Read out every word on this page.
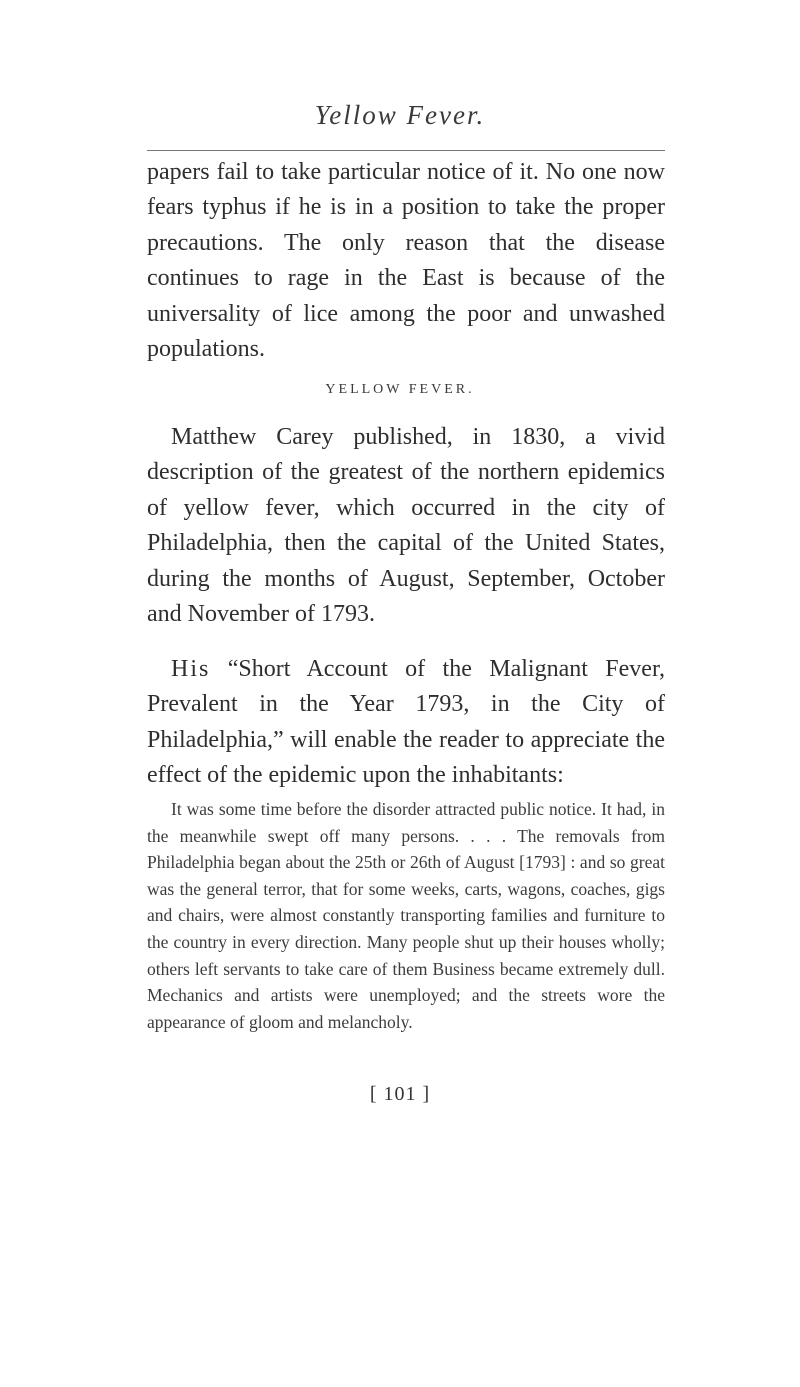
Yellow Fever.
papers fail to take particular notice of it. No one now fears typhus if he is in a position to take the proper precautions. The only reason that the disease continues to rage in the East is because of the universality of lice among the poor and unwashed populations.
YELLOW FEVER.
Matthew Carey published, in 1830, a vivid description of the greatest of the northern epidemics of yellow fever, which occurred in the city of Philadelphia, then the capital of the United States, during the months of August, September, October and November of 1793.
His “Short Account of the Malignant Fever, Prevalent in the Year 1793, in the City of Philadelphia,” will enable the reader to appreciate the effect of the epidemic upon the inhabitants:
It was some time before the disorder attracted public notice. It had, in the meanwhile swept off many persons. . . . The removals from Philadelphia began about the 25th or 26th of August [1793] : and so great was the general terror, that for some weeks, carts, wagons, coaches, gigs and chairs, were almost constantly transporting families and furniture to the country in every direction. Many people shut up their houses wholly; others left servants to take care of them Business became extremely dull. Mechanics and artists were unemployed; and the streets wore the appearance of gloom and melancholy.
[ 101 ]
